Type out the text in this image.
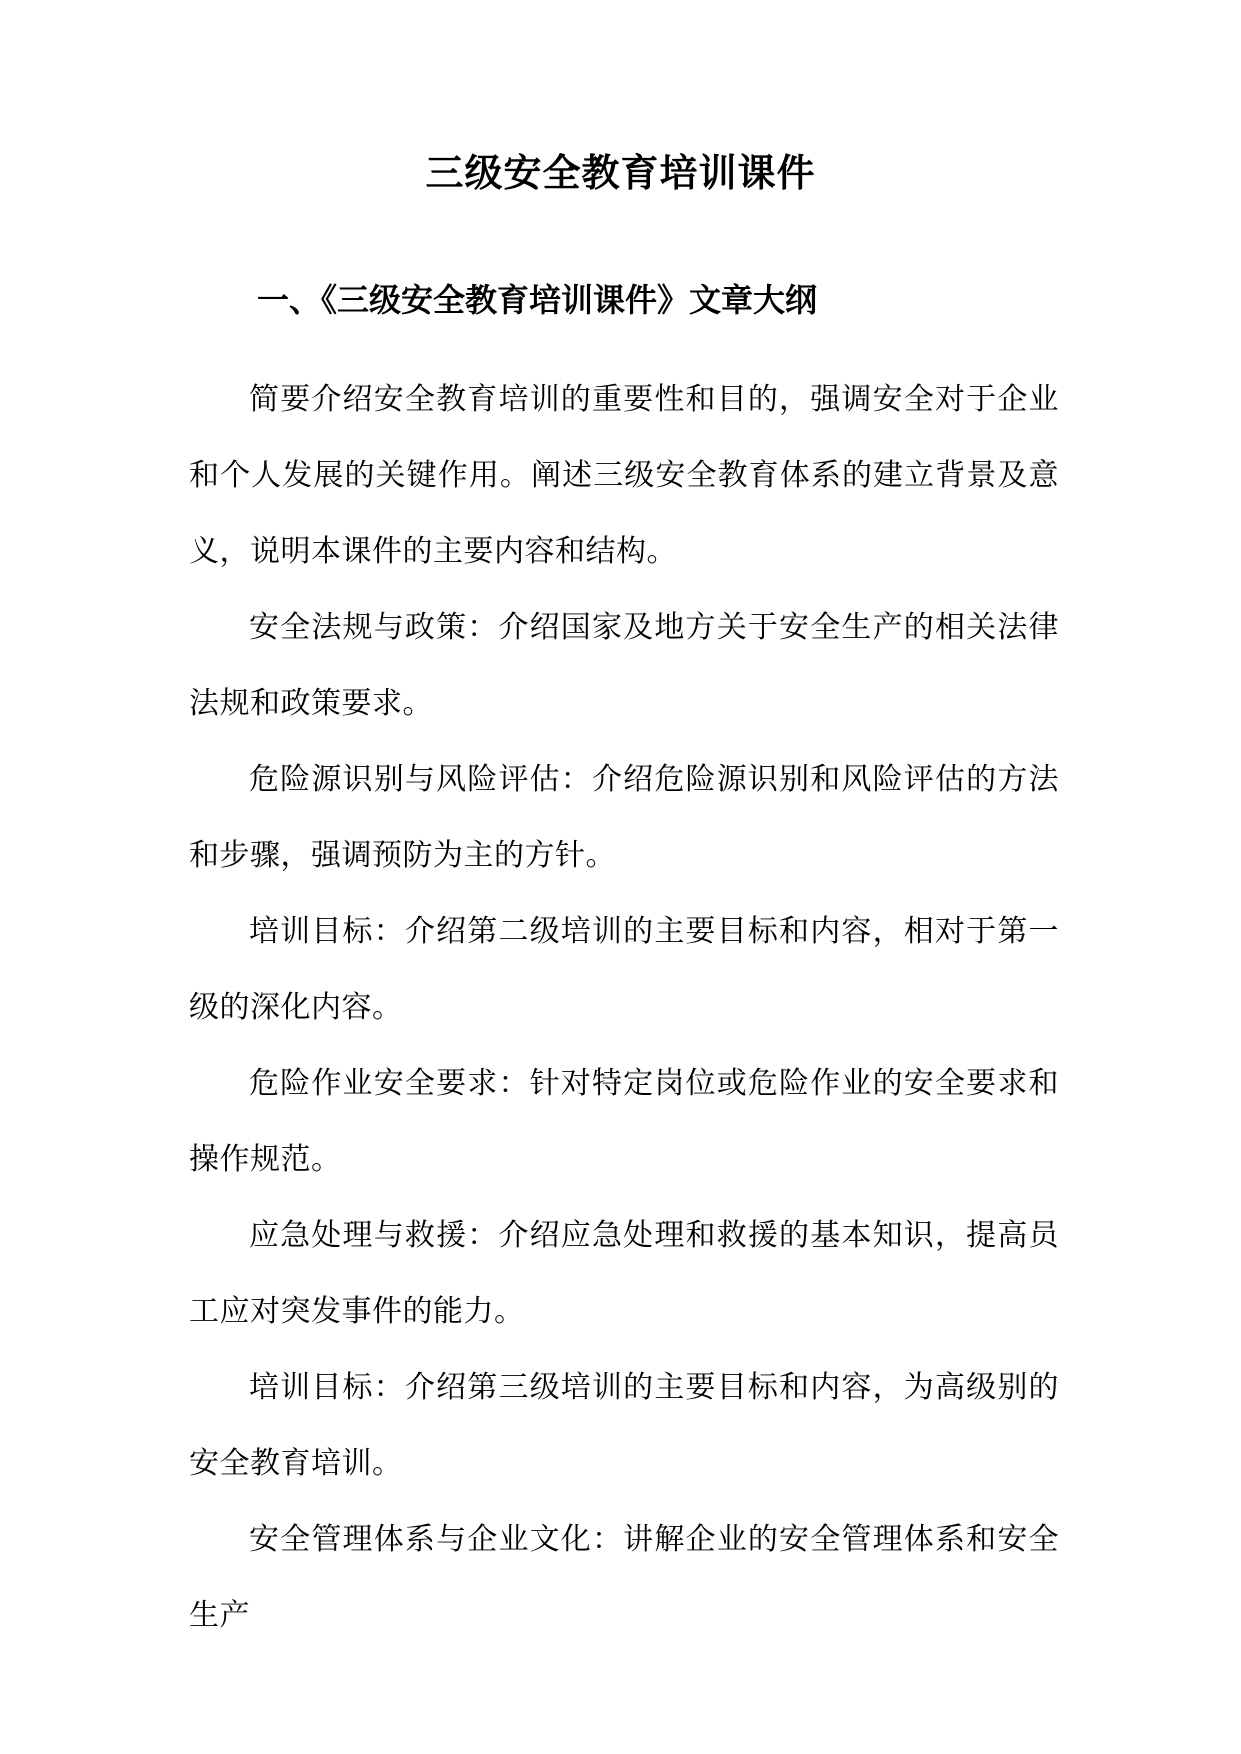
三级安全教育培训课件
一、《三级安全教育培训课件》文章大纲

简要介绍安全教育培训的重要性和目的，强调安全对于企业和个人发展的关键作用。阐述三级安全教育体系的建立背景及意义，说明本课件的主要内容和结构。

安全法规与政策：介绍国家及地方关于安全生产的相关法律法规和政策要求。

危险源识别与风险评估：介绍危险源识别和风险评估的方法和步骤，强调预防为主的方针。

培训目标：介绍第二级培训的主要目标和内容，相对于第一级的深化内容。

危险作业安全要求：针对特定岗位或危险作业的安全要求和操作规范。

应急处理与救援：介绍应急处理和救援的基本知识，提高员工应对突发事件的能力。

培训目标：介绍第三级培训的主要目标和内容，为高级别的安全教育培训。

安全管理体系与企业文化：讲解企业的安全管理体系和安全生产
